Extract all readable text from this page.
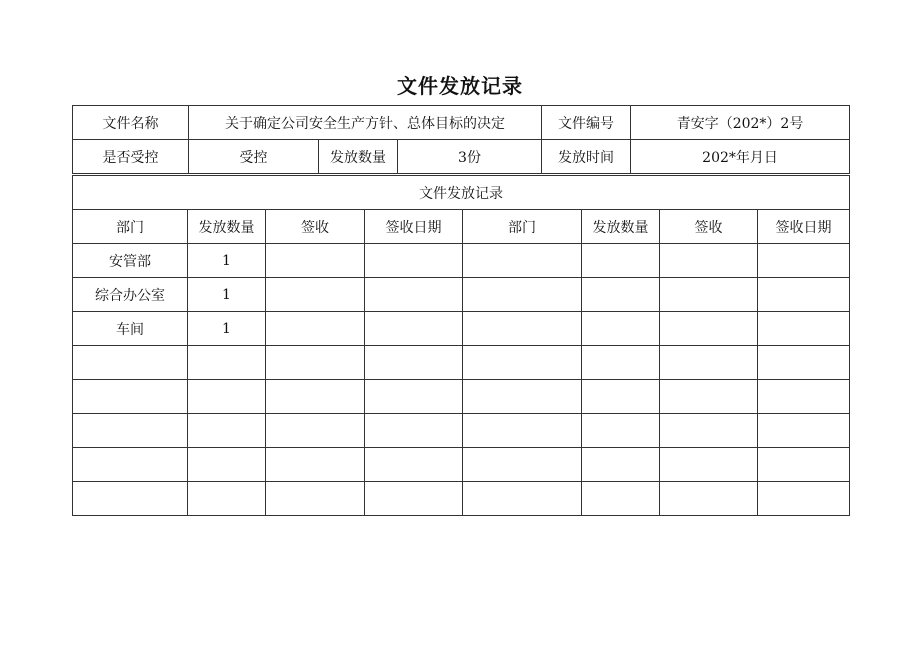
文件发放记录
文件名称	关于确定公司安全生产方针、总体目标的决定			文件编号	青安字（202*）2号
是否受控	受控	发放数量	3份	发放时间	202*年月日
文件发放记录							
部门	发放数量	签收	签收日期	部门	发放数量	签收	签收日期
安管部	1						
综合办公室	1						
车间	1						
